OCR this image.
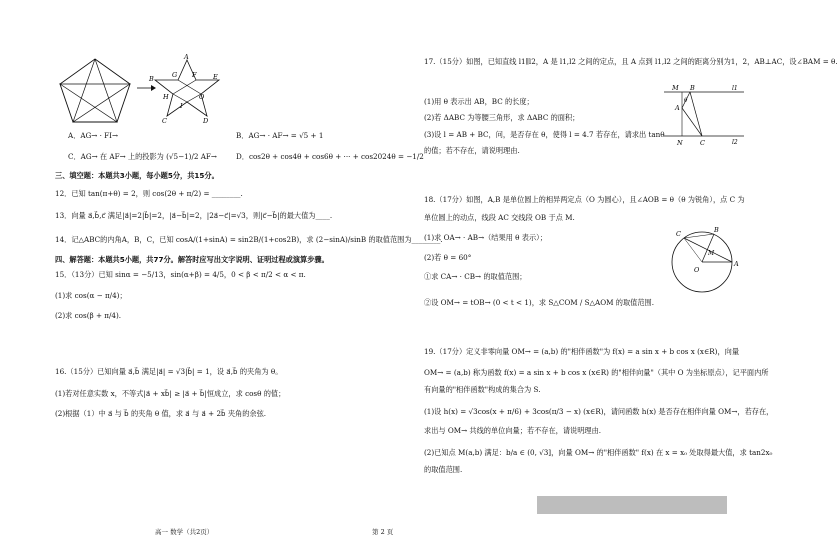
A
B
C	D
E
G F
H
I
O
A．AG→ · FI→	B．AG→ · AF→ = √5 + 1
C．AG→ 在 AF→ 上的投影为 (√5−1)/2 AF→	D．cos2θ + cos4θ + cos6θ + ··· + cos2024θ = −1/2
三、填空题：本题共3小题，每小题5分，共15分。
12．已知 tan(π+θ) = 2，则 cos(2θ + π/2) = ________.
13．向量 a⃗,b⃗,c⃗ 满足|a⃗|=2|b⃗|=2，|a⃗−b⃗|=2，|2a⃗−c⃗|=√3，则|c⃗−b⃗|的最大值为____.
14．记△ABC的内角A，B，C，已知 cosA/(1+sinA) = sin2B/(1+cos2B)，求 (2−sinA)/sinB 的取值范围为________.
四、解答题：本题共5小题，共77分。解答时应写出文字说明、证明过程或演算步骤。
15．（13分）已知 sinα = −5/13，sin(α+β) = 4/5，0 < β < π/2 < α < π.
(1)求 cos(α − π/4)；
(2)求 cos(β + π/4).
16.（15分）已知向量 a⃗,b⃗ 满足|a⃗| = √3|b⃗| = 1，设 a⃗,b⃗ 的夹角为 θ。
(1)若对任意实数 x，不等式|a⃗ + xb⃗| ≥ |a⃗ + b⃗|恒成立，求 cosθ 的值；
(2)根据（1）中 a⃗ 与 b⃗ 的夹角 θ 值，求 a⃗ 与 a⃗ + 2b⃗ 夹角的余弦.
高一 数学（共2页）
17.（15分）如图，已知直线 l1∥l2，A 是 l1,l2 之间的定点，且 A 点到 l1,l2 之间的距离分别为1，2，AB⊥AC，设∠BAM = θ.
(1)用 θ 表示出 AB，BC 的长度；
(2)若 ΔABC 为等腰三角形，求 ΔABC 的面积；
(3)设 l = AB + BC，问，是否存在 θ，使得 l = 4.7 若存在，请求出 tanθ
的值；若不存在，请说明理由.
M
A
B
N	C
l1
l2
θ
18.（17分）如图，A,B 是单位圆上的相异两定点（O 为圆心），且∠AOB = θ（θ 为锐角），点 C 为
单位圆上的动点，线段 AC 交线段 OB 于点 M.
(1)求 OA→ · AB→（结果用 θ 表示）；
(2)若 θ = 60°
①求 CA→ · CB→ 的取值范围；
②设 OM→ = tOB→ (0 < t < 1)，求 S△COM / S△AOM 的取值范围.
C	B
M
O
A
19.（17分）定义非零向量 OM→ = (a,b) 的"相伴函数"为 f(x) = a sin x + b cos x (x∈R)，向量
OM→ = (a,b) 称为函数 f(x) = a sin x + b cos x (x∈R) 的"相伴向量"（其中 O 为坐标原点），记平面内所
有向量的"相伴函数"构成的集合为 S.
(1)设 h(x) = √3cos(x + π/6) + 3cos(π/3 − x) (x∈R)，请问函数 h(x) 是否存在相伴向量 OM→，若存在，
求出与 OM→ 共线的单位向量；若不存在，请说明理由.
(2)已知点 M(a,b) 满足：b/a ∈ (0, √3]，向量 OM→ 的"相伴函数" f(x) 在 x = x₀ 处取得最大值，求 tan2x₀
的取值范围.
第 2 页
